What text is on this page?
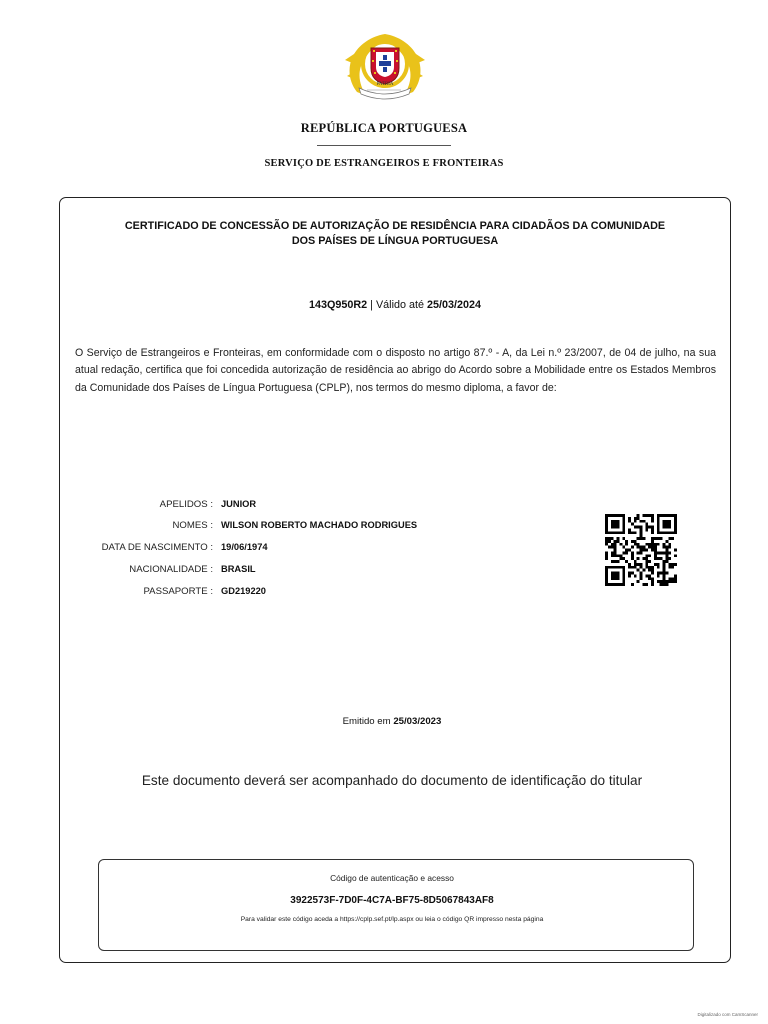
PATRIA
REPÚBLICA PORTUGUESA
SERVIÇO DE ESTRANGEIROS E FRONTEIRAS
CERTIFICADO DE CONCESSÃO DE AUTORIZAÇÃO DE RESIDÊNCIA PARA CIDADÃOS DA COMUNIDADE
DOS PAÍSES DE LÍNGUA PORTUGUESA
143Q950R2 | Válido até 25/03/2024
O Serviço de Estrangeiros e Fronteiras, em conformidade com o disposto no artigo 87.º - A, da Lei n.º 23/2007, de 04 de julho, na sua atual redação, certifica que foi concedida autorização de residência ao abrigo do Acordo sobre a Mobilidade entre os Estados Membros da Comunidade dos Países de Língua Portuguesa (CPLP), nos termos do mesmo diploma, a favor de:
APELIDOS : JUNIOR
NOMES : WILSON ROBERTO MACHADO RODRIGUES
DATA DE NASCIMENTO : 19/06/1974
NACIONALIDADE : BRASIL
PASSAPORTE : GD219220
Emitido em 25/03/2023
Este documento deverá ser acompanhado do documento de identificação do titular
Código de autenticação e acesso
3922573F-7D0F-4C7A-BF75-8D5067843AF8
Para validar este código aceda a https://cplp.sef.pt/lp.aspx ou leia o código QR impresso nesta página
Digitalizado com CamScanner
